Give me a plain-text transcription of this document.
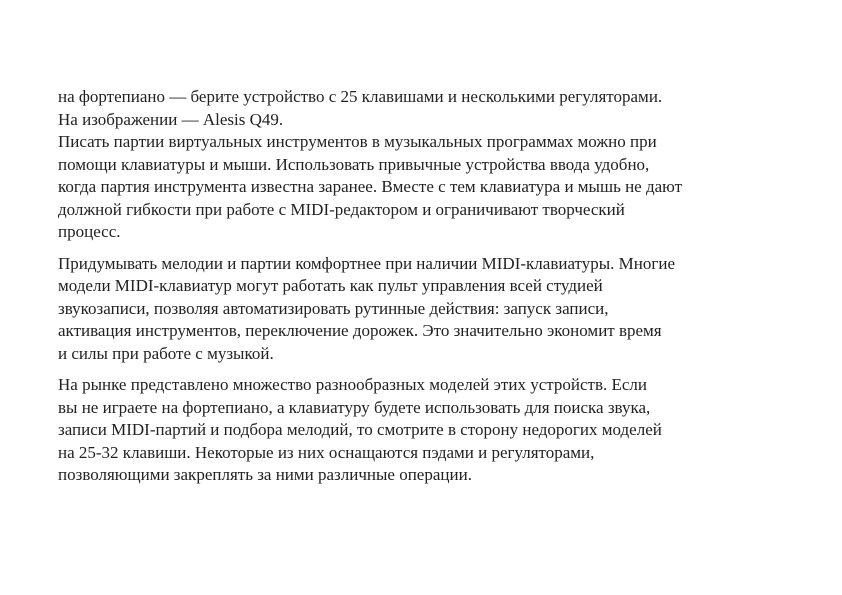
на фортепиано — берите устройство с 25 клавишами и несколькими регуляторами.
На изображении — Alesis Q49.
Писать партии виртуальных инструментов в музыкальных программах можно при
помощи клавиатуры и мыши. Использовать привычные устройства ввода удобно,
когда партия инструмента известна заранее. Вместе с тем клавиатура и мышь не дают
должной гибкости при работе с MIDI-редактором и ограничивают творческий
процесс.

Придумывать мелодии и партии комфортнее при наличии MIDI-клавиатуры. Многие
модели MIDI-клавиатур могут работать как пульт управления всей студией
звукозаписи, позволяя автоматизировать рутинные действия: запуск записи,
активация инструментов, переключение дорожек. Это значительно экономит время
и силы при работе с музыкой.

На рынке представлено множество разнообразных моделей этих устройств. Если
вы не играете на фортепиано, а клавиатуру будете использовать для поиска звука,
записи MIDI-партий и подбора мелодий, то смотрите в сторону недорогих моделей
на 25-32 клавиши. Некоторые из них оснащаются пэдами и регуляторами,
позволяющими закреплять за ними различные операции.
